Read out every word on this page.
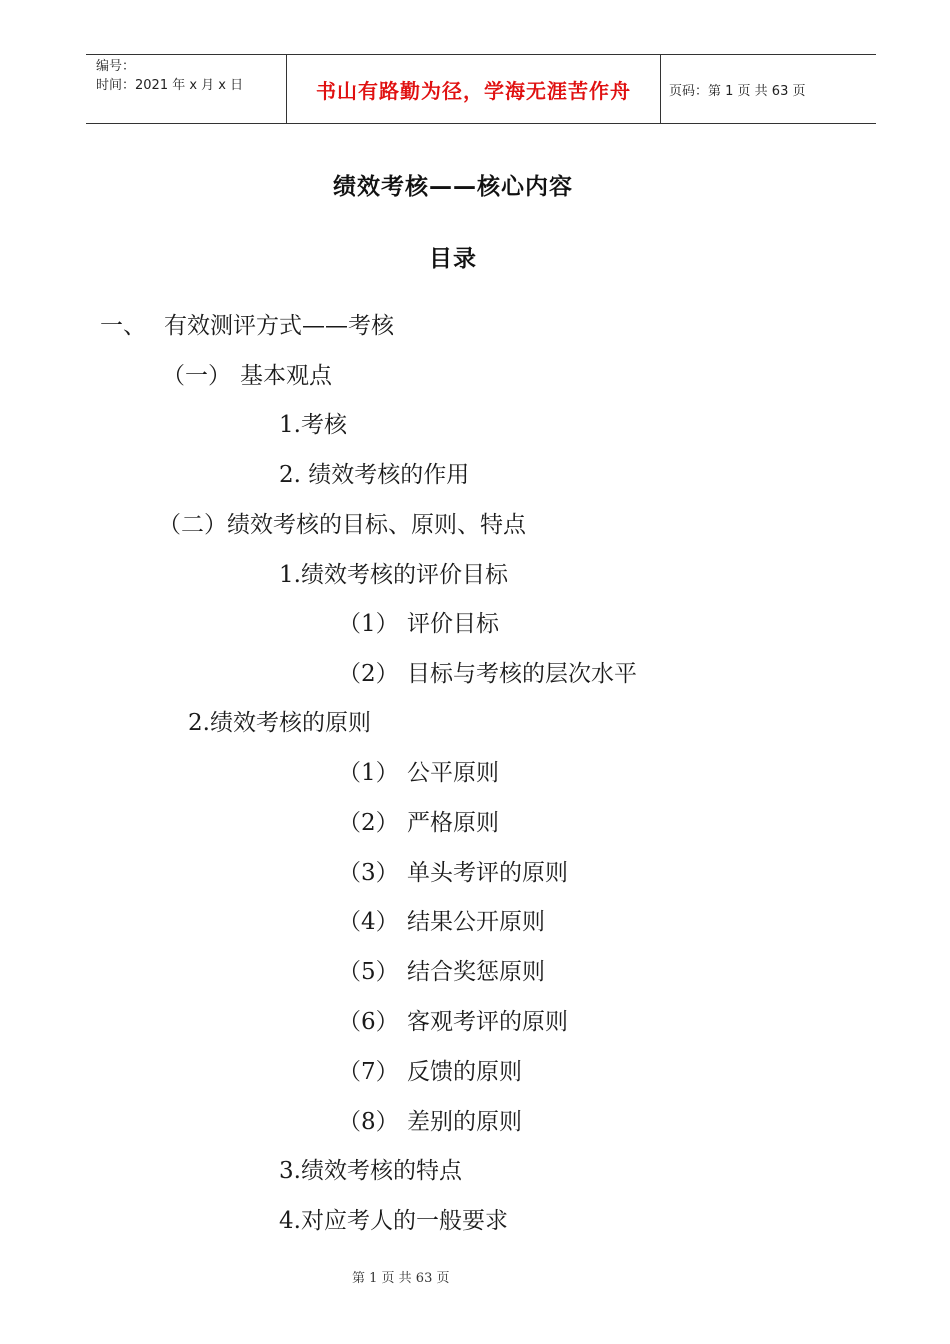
编号：
时间：2021 年 x 月 x 日	书山有路勤为径，学海无涯苦作舟	页码：第 1 页 共 63 页
绩效考核——核心内容
目录
一、 有效测评方式——考核
（一） 基本观点
1.考核
2. 绩效考核的作用
（二）绩效考核的目标、原则、特点
1.绩效考核的评价目标
（1） 评价目标
（2） 目标与考核的层次水平
2.绩效考核的原则
（1） 公平原则
（2） 严格原则
（3） 单头考评的原则
（4） 结果公开原则
（5） 结合奖惩原则
（6） 客观考评的原则
（7） 反馈的原则
（8） 差别的原则
3.绩效考核的特点
4.对应考人的一般要求
第 1 页 共 63 页
